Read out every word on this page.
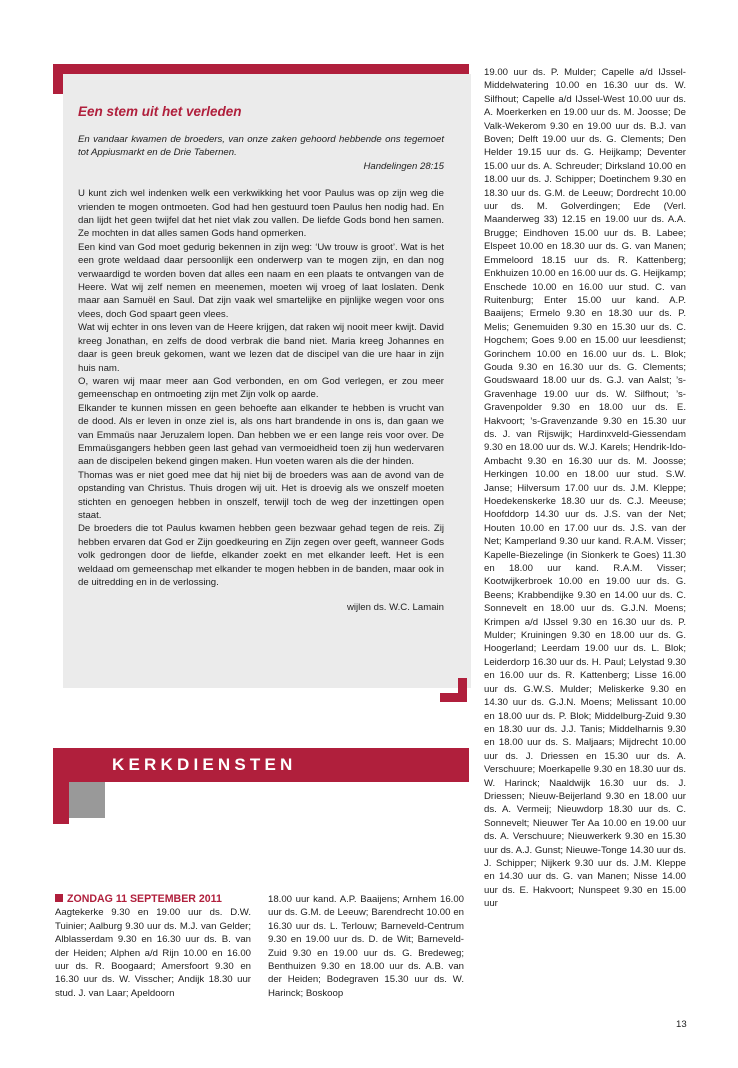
Een stem uit het verleden

En vandaar kwamen de broeders, van onze zaken gehoord hebbende ons tegemoet tot Appiusmarkt en de Drie Tabernen.

Handelingen 28:15

U kunt zich wel indenken welk een verkwikking het voor Paulus was op zijn weg die vrienden te mogen ontmoeten. God had hen gestuurd toen Paulus hen nodig had. En dan lijdt het geen twijfel dat het niet vlak zou vallen. De liefde Gods bond hen samen. Ze mochten in dat alles samen Gods hand opmerken.

Een kind van God moet gedurig bekennen in zijn weg: ‘Uw trouw is groot’. Wat is het een grote weldaad daar persoonlijk een onderwerp van te mogen zijn, en dan nog verwaardigd te worden boven dat alles een naam en een plaats te ontvangen van de Heere. Wat wij zelf nemen en meenemen, moeten wij vroeg of laat loslaten. Denk maar aan Samuël en Saul. Dat zijn vaak wel smartelijke en pijnlijke wegen voor ons vlees, doch God spaart geen vlees.

Wat wij echter in ons leven van de Heere krijgen, dat raken wij nooit meer kwijt. David kreeg Jonathan, en zelfs de dood verbrak die band niet. Maria kreeg Johannes en daar is geen breuk gekomen, want we lezen dat de discipel van die ure haar in zijn huis nam.

O, waren wij maar meer aan God verbonden, en om God verlegen, er zou meer gemeenschap en ontmoeting zijn met Zijn volk op aarde.

Elkander te kunnen missen en geen behoefte aan elkander te hebben is vrucht van de dood. Als er leven in onze ziel is, als ons hart brandende in ons is, dan gaan we van Emmaüs naar Jeruzalem lopen. Dan hebben we er een lange reis voor over. De Emmaüsgangers hebben geen last gehad van vermoeidheid toen zij hun wedervaren aan de discipelen bekend gingen maken. Hun voeten waren als die der hinden.

Thomas was er niet goed mee dat hij niet bij de broeders was aan de avond van de opstanding van Christus. Thuis drogen wij uit. Het is droevig als we onszelf moeten stichten en genoegen hebben in onszelf, terwijl toch de weg der inzettingen open staat.

De broeders die tot Paulus kwamen hebben geen bezwaar gehad tegen de reis. Zij hebben ervaren dat God er Zijn goedkeuring en Zijn zegen over geeft, wanneer Gods volk gedrongen door de liefde, elkander zoekt en met elkander leeft. Het is een weldaad om gemeenschap met elkander te mogen hebben in de banden, maar ook in de uitredding en in de verlossing.

wijlen ds. W.C. Lamain
KERKDIENSTEN
ZONDAG 11 SEPTEMBER 2011
Aagtekerke 9.30 en 19.00 uur ds. D.W. Tuinier; Aalburg 9.30 uur ds. M.J. van Gelder; Alblasserdam 9.30 en 16.30 uur ds. B. van der Heiden; Alphen a/d Rijn 10.00 en 16.00 uur ds. R. Boogaard; Amersfoort 9.30 en 16.30 uur ds. W. Visscher; Andijk 18.30 uur stud. J. van Laar; Apeldoorn
18.00 uur kand. A.P. Baaijens; Arnhem 16.00 uur ds. G.M. de Leeuw; Barendrecht 10.00 en 16.30 uur ds. L. Terlouw; Barneveld-Centrum 9.30 en 19.00 uur ds. D. de Wit; Barneveld-Zuid 9.30 en 19.00 uur ds. G. Bredeweg; Benthuizen 9.30 en 18.00 uur ds. A.B. van der Heiden; Bodegraven 15.30 uur ds. W. Harinck; Boskoop
19.00 uur ds. P. Mulder; Capelle a/d IJssel-Middelwatering 10.00 en 16.30 uur ds. W. Silfhout; Capelle a/d IJssel-West 10.00 uur ds. A. Moerkerken en 19.00 uur ds. M. Joosse; De Valk-Wekerom 9.30 en 19.00 uur ds. B.J. van Boven; Delft 19.00 uur ds. G. Clements; Den Helder 19.15 uur ds. G. Heijkamp; Deventer 15.00 uur ds. A. Schreuder; Dirksland 10.00 en 18.00 uur ds. J. Schipper; Doetinchem 9.30 en 18.30 uur ds. G.M. de Leeuw; Dordrecht 10.00 uur ds. M. Golverdingen; Ede (Verl. Maanderweg 33) 12.15 en 19.00 uur ds. A.A. Brugge; Eindhoven 15.00 uur ds. B. Labee; Elspeet 10.00 en 18.30 uur ds. G. van Manen; Emmeloord 18.15 uur ds. R. Kattenberg; Enkhuizen 10.00 en 16.00 uur ds. G. Heijkamp; Enschede 10.00 en 16.00 uur stud. C. van Ruitenburg; Enter 15.00 uur kand. A.P. Baaijens; Ermelo 9.30 en 18.30 uur ds. P. Melis; Genemuiden 9.30 en 15.30 uur ds. C. Hogchem; Goes 9.00 en 15.00 uur leesdienst; Gorinchem 10.00 en 16.00 uur ds. L. Blok; Gouda 9.30 en 16.30 uur ds. G. Clements; Goudswaard 18.00 uur ds. G.J. van Aalst; ’s-Gravenhage 19.00 uur ds. W. Silfhout; ’s-Gravenpolder 9.30 en 18.00 uur ds. E. Hakvoort; ’s-Gravenzande 9.30 en 15.30 uur ds. J. van Rijswijk; Hardinxveld-Giessendam 9.30 en 18.00 uur ds. W.J. Karels; Hendrik-Ido-Ambacht 9.30 en 16.30 uur ds. M. Joosse; Herkingen 10.00 en 18.00 uur stud. S.W. Janse; Hilversum 17.00 uur ds. J.M. Kleppe; Hoedekenskerke 18.30 uur ds. C.J. Meeuse; Hoofddorp 14.30 uur ds. J.S. van der Net; Houten 10.00 en 17.00 uur ds. J.S. van der Net; Kamperland 9.30 uur kand. R.A.M. Visser; Kapelle-Biezelinge (in Sionkerk te Goes) 11.30 en 18.00 uur kand. R.A.M. Visser; Kootwijkerbroek 10.00 en 19.00 uur ds. G. Beens; Krabbendijke 9.30 en 14.00 uur ds. C. Sonnevelt en 18.00 uur ds. G.J.N. Moens; Krimpen a/d IJssel 9.30 en 16.30 uur ds. P. Mulder; Kruiningen 9.30 en 18.00 uur ds. G. Hoogerland; Leerdam 19.00 uur ds. L. Blok; Leiderdorp 16.30 uur ds. H. Paul; Lelystad 9.30 en 16.00 uur ds. R. Kattenberg; Lisse 16.00 uur ds. G.W.S. Mulder; Meliskerke 9.30 en 14.30 uur ds. G.J.N. Moens; Melissant 10.00 en 18.00 uur ds. P. Blok; Middelburg-Zuid 9.30 en 18.30 uur ds. J.J. Tanis; Middelharnis 9.30 en 18.00 uur ds. S. Maljaars; Mijdrecht 10.00 uur ds. J. Driessen en 15.30 uur ds. A. Verschuure; Moerkapelle 9.30 en 18.30 uur ds. W. Harinck; Naaldwijk 16.30 uur ds. J. Driessen; Nieuw-Beijerland 9.30 en 18.00 uur ds. A. Vermeij; Nieuwdorp 18.30 uur ds. C. Sonnevelt; Nieuwer Ter Aa 10.00 en 19.00 uur ds. A. Verschuure; Nieuwerkerk 9.30 en 15.30 uur ds. A.J. Gunst; Nieuwe-Tonge 14.30 uur ds. J. Schipper; Nijkerk 9.30 uur ds. J.M. Kleppe en 14.30 uur ds. G. van Manen; Nisse 14.00 uur ds. E. Hakvoort; Nunspeet 9.30 en 15.00 uur
13
